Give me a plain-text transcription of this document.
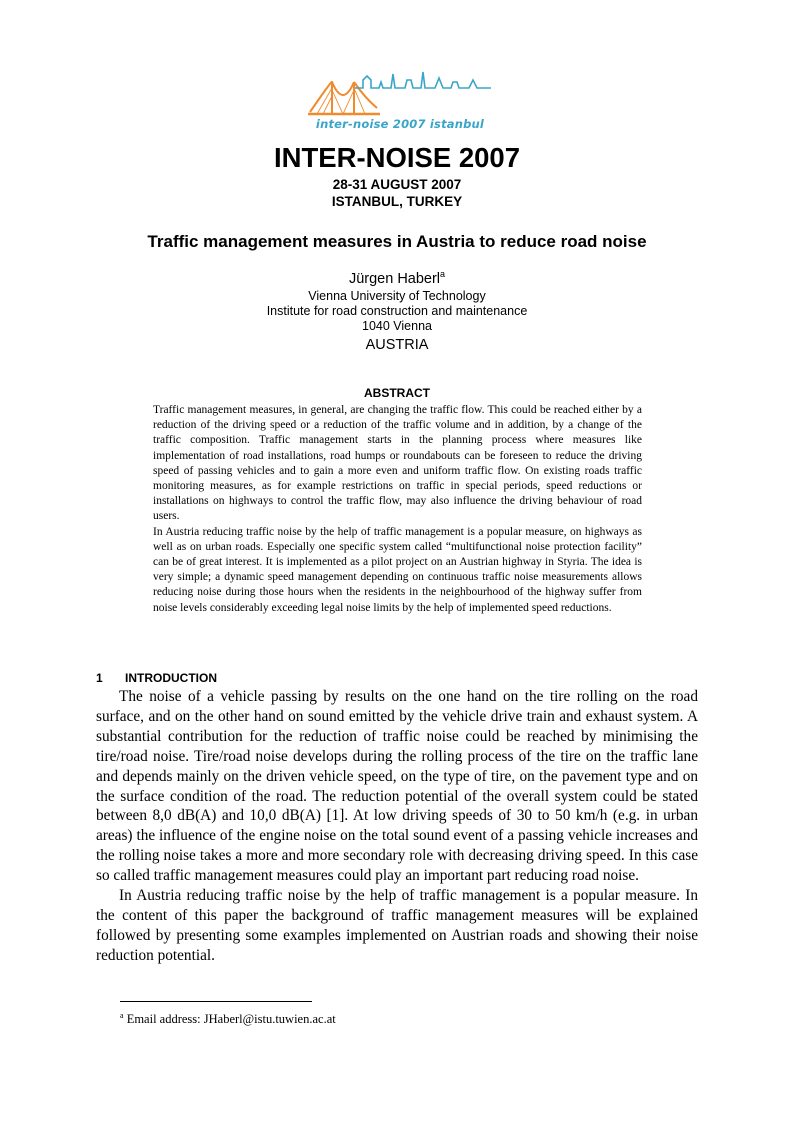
inter-noise 2007 istanbul
INTER-NOISE 2007
28-31 AUGUST 2007
ISTANBUL, TURKEY
Traffic management measures in Austria to reduce road noise
Jürgen Haberl$^a$
Vienna University of Technology
Institute for road construction and maintenance
1040 Vienna
AUSTRIA
ABSTRACT

Traffic management measures, in general, are changing the traffic flow. This could be reached either by a reduction of the driving speed or a reduction of the traffic volume and in addition, by a change of the traffic composition. Traffic management starts in the planning process where measures like implementation of road installations, road humps or roundabouts can be foreseen to reduce the driving speed of passing vehicles and to gain a more even and uniform traffic flow. On existing roads traffic monitoring measures, as for example restrictions on traffic in special periods, speed reductions or installations on highways to control the traffic flow, may also influence the driving behaviour of road users.

In Austria reducing traffic noise by the help of traffic management is a popular measure, on highways as well as on urban roads. Especially one specific system called “multifunctional noise protection facility” can be of great interest. It is implemented as a pilot project on an Austrian highway in Styria. The idea is very simple; a dynamic speed management depending on continuous traffic noise measurements allows reducing noise during those hours when the residents in the neighbourhood of the highway suffer from noise levels considerably exceeding legal noise limits by the help of implemented speed reductions.

1 INTRODUCTION

The noise of a vehicle passing by results on the one hand on the tire rolling on the road surface, and on the other hand on sound emitted by the vehicle drive train and exhaust system. A substantial contribution for the reduction of traffic noise could be reached by minimising the tire/road noise. Tire/road noise develops during the rolling process of the tire on the traffic lane and depends mainly on the driven vehicle speed, on the type of tire, on the pavement type and on the surface condition of the road. The reduction potential of the overall system could be stated between 8,0 dB(A) and 10,0 dB(A) [1]. At low driving speeds of 30 to 50 km/h (e.g. in urban areas) the influence of the engine noise on the total sound event of a passing vehicle increases and the rolling noise takes a more and more secondary role with decreasing driving speed. In this case so called traffic management measures could play an important part reducing road noise.

In Austria reducing traffic noise by the help of traffic management is a popular measure. In the content of this paper the background of traffic management measures will be explained followed by presenting some examples implemented on Austrian roads and showing their noise reduction potential.

$^a$ Email address: JHaberl@istu.tuwien.ac.at
